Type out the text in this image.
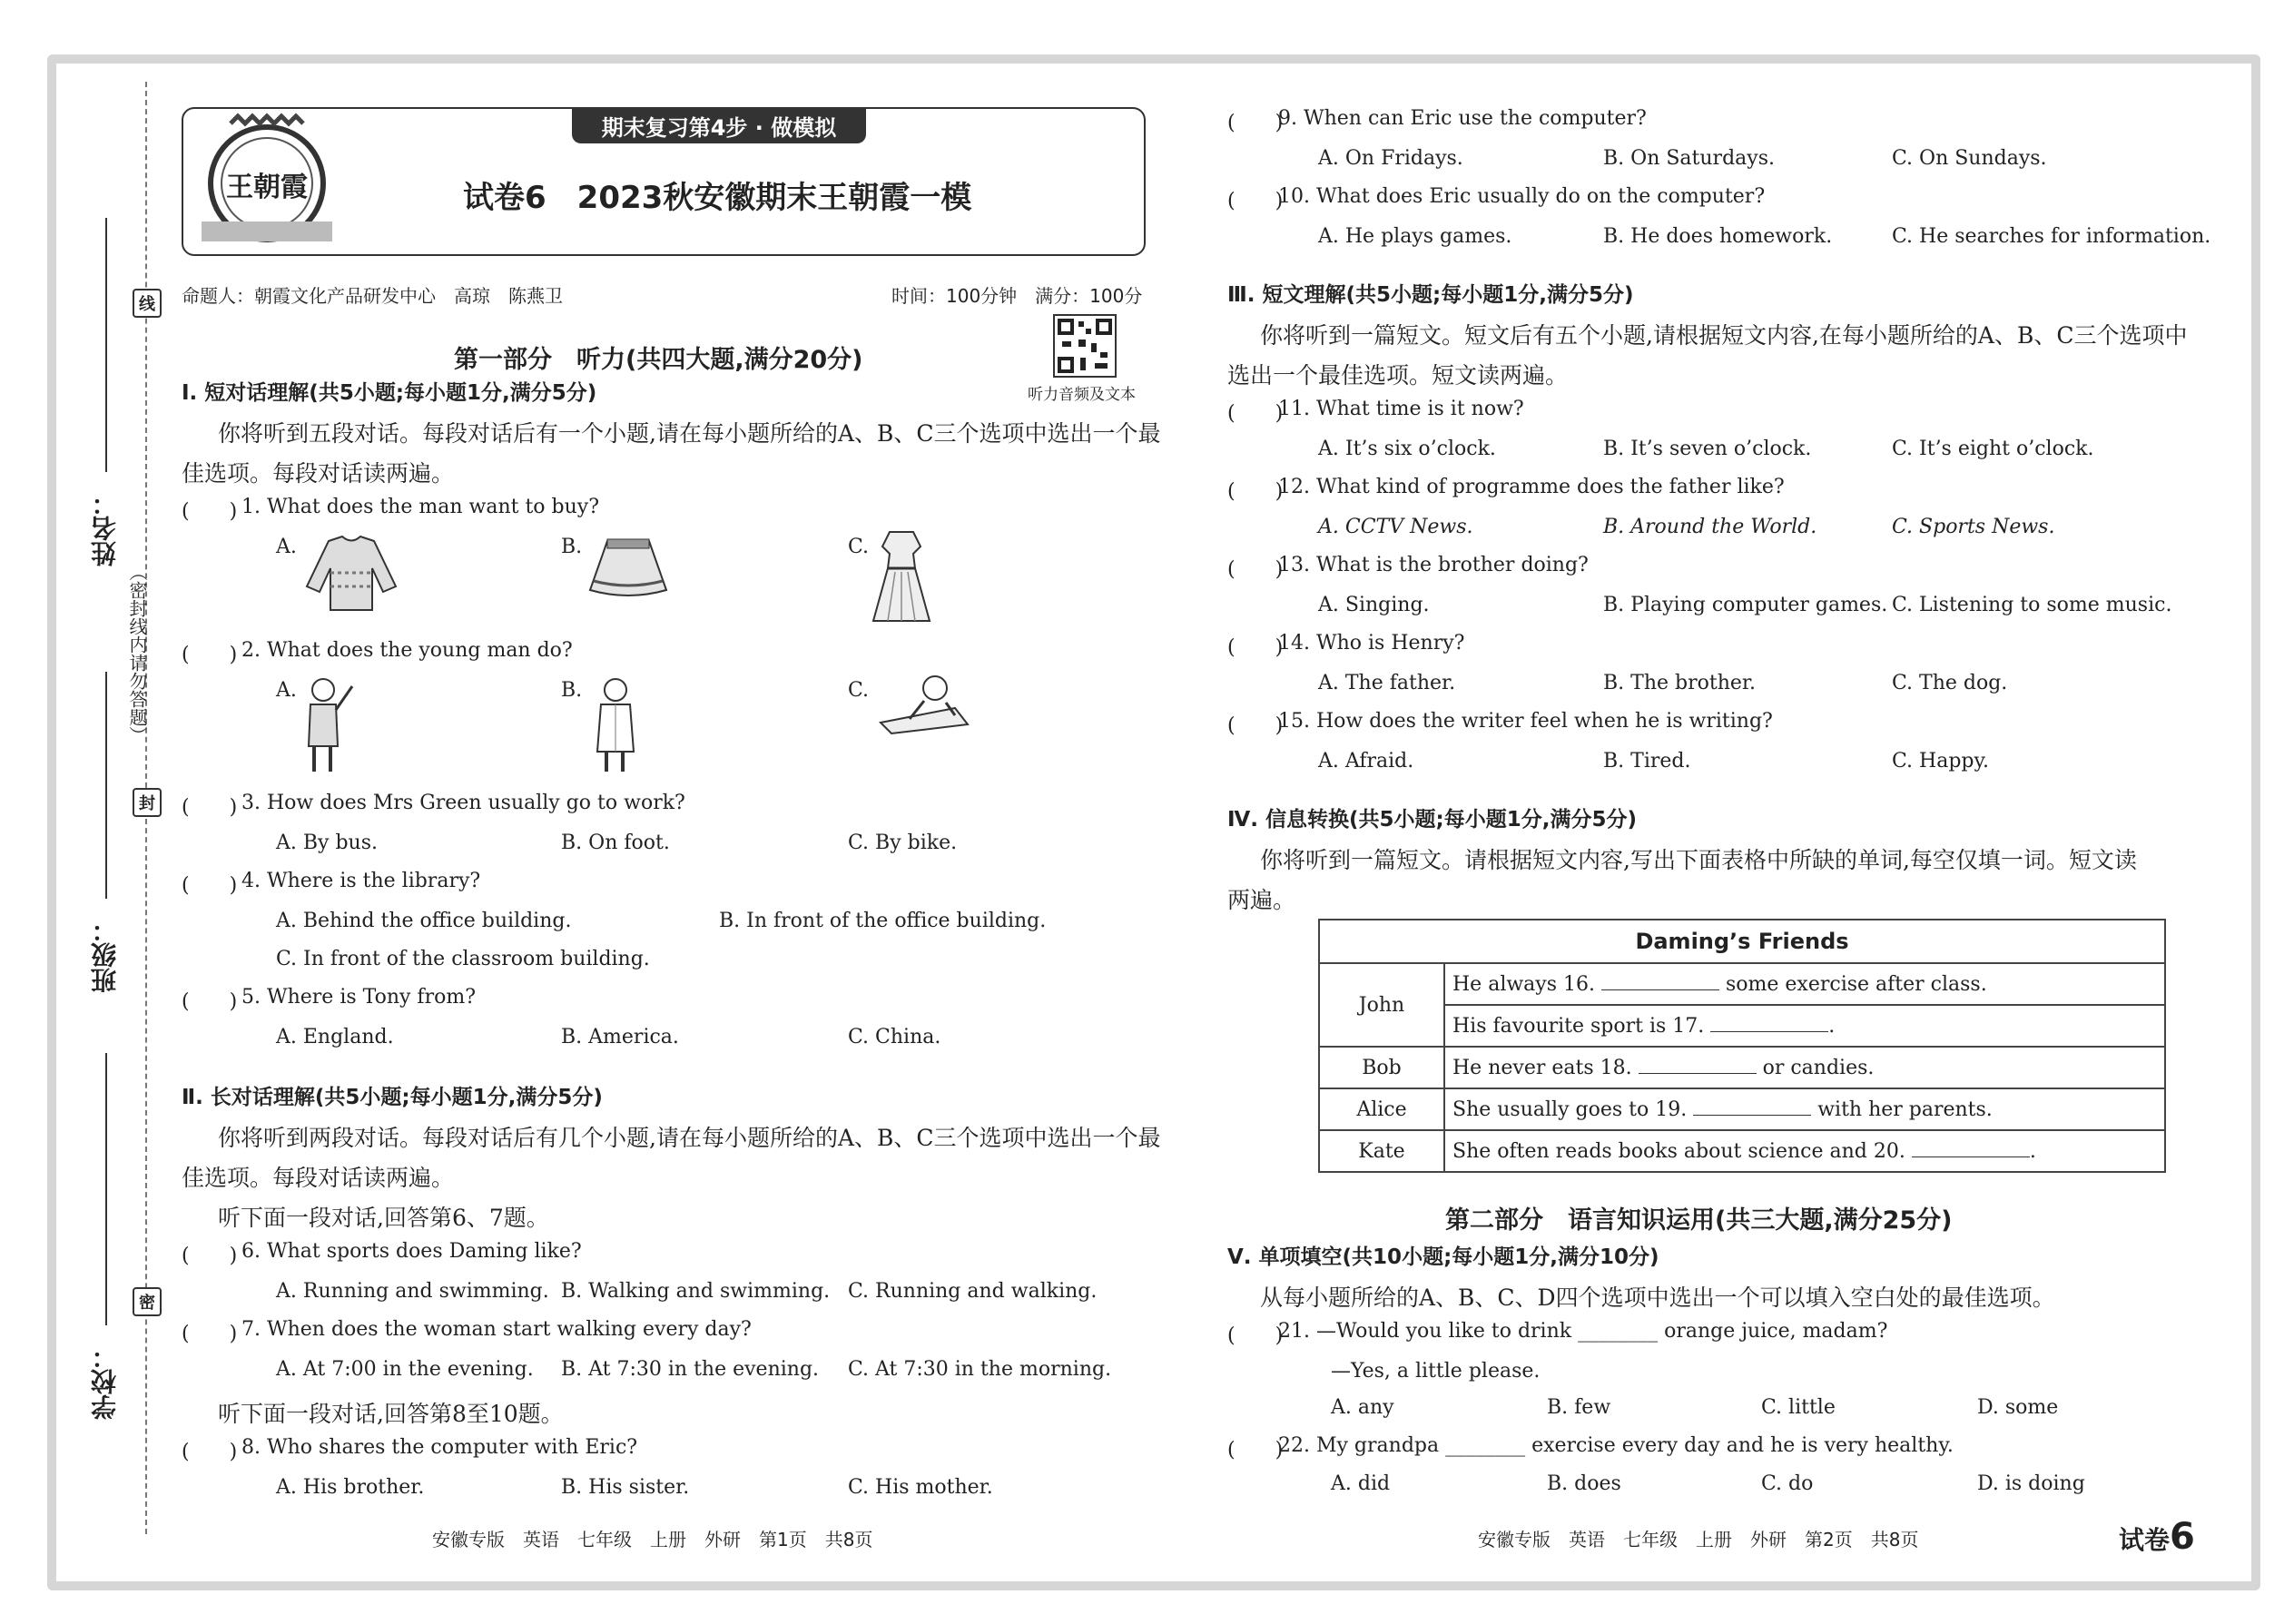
线
封
密
（密封线内请勿答题）
姓名：
班级：
学校：
期末复习第4步 · 做模拟
王朝霞	试卷6　2023秋安徽期末王朝霞一模
命题人：朝霞文化产品研发中心　高琼　陈燕卫	时间：100分钟　满分：100分
听力音频及文本
第一部分　听力(共四大题,满分20分)
Ⅰ. 短对话理解(共5小题;每小题1分,满分5分)
你将听到五段对话。每段对话后有一个小题,请在每小题所给的A、B、C三个选项中选出一个最
佳选项。每段对话读两遍。
(　　) 1. What does the man want to buy?
A.	B.	C.
(　　) 2. What does the young man do?
A.	B.	C.
(　　) 3. How does Mrs Green usually go to work?
A. By bus.	B. On foot.	C. By bike.
(　　) 4. Where is the library?
A. Behind the office building.	B. In front of the office building.
C. In front of the classroom building.
(　　) 5. Where is Tony from?
A. England.	B. America.	C. China.
Ⅱ. 长对话理解(共5小题;每小题1分,满分5分)
你将听到两段对话。每段对话后有几个小题,请在每小题所给的A、B、C三个选项中选出一个最
佳选项。每段对话读两遍。
听下面一段对话,回答第6、7题。
(　　) 6. What sports does Daming like?
A. Running and swimming. B. Walking and swimming. C. Running and walking.
(　　) 7. When does the woman start walking every day?
A. At 7:00 in the evening. B. At 7:30 in the evening. C. At 7:30 in the morning.
听下面一段对话,回答第8至10题。
(　　) 8. Who shares the computer with Eric?
A. His brother.	B. His sister.	C. His mother.
安徽专版　英语　七年级　上册　外研　第1页　共8页
(　　)
9. When can Eric use the computer?
A. On Fridays.	B. On Saturdays.	C. On Sundays.
(　　)
10. What does Eric usually do on the computer?
A. He plays games.	B. He does homework.	C. He searches for information.
Ⅲ. 短文理解(共5小题;每小题1分,满分5分)
你将听到一篇短文。短文后有五个小题,请根据短文内容,在每小题所给的A、B、C三个选项中
选出一个最佳选项。短文读两遍。
(　　)
11. What time is it now?
A. It’s six o’clock.	B. It’s seven o’clock.	C. It’s eight o’clock.
(　　)
12. What kind of programme does the father like?
A. CCTV News.	B. Around the World.	C. Sports News.
(　　)
13. What is the brother doing?
A. Singing.	B. Playing computer games. C. Listening to some music.
(　　)
14. Who is Henry?
A. The father.	B. The brother.	C. The dog.
(　　)
15. How does the writer feel when he is writing?
A. Afraid.	B. Tired.	C. Happy.
Ⅳ. 信息转换(共5小题;每小题1分,满分5分)
你将听到一篇短文。请根据短文内容,写出下面表格中所缺的单词,每空仅填一词。短文读
两遍。
Daming’s Friends	
John	He always 16. some exercise after class.
	His favourite sport is 17. .
Bob	He never eats 18. or candies.
Alice	She usually goes to 19. with her parents.
Kate	She often reads books about science and 20. .
第二部分　语言知识运用(共三大题,满分25分)
Ⅴ. 单项填空(共10小题;每小题1分,满分10分)
从每小题所给的A、B、C、D四个选项中选出一个可以填入空白处的最佳选项。
(　　)
21. —Would you like to drink ________ orange juice, madam?
—Yes, a little please.
A. any	B. few	C. little	D. some
(　　)
22. My grandpa ________ exercise every day and he is very healthy.
A. did	B. does	C. do	D. is doing
安徽专版　英语　七年级　上册　外研　第2页　共8页	试卷6
